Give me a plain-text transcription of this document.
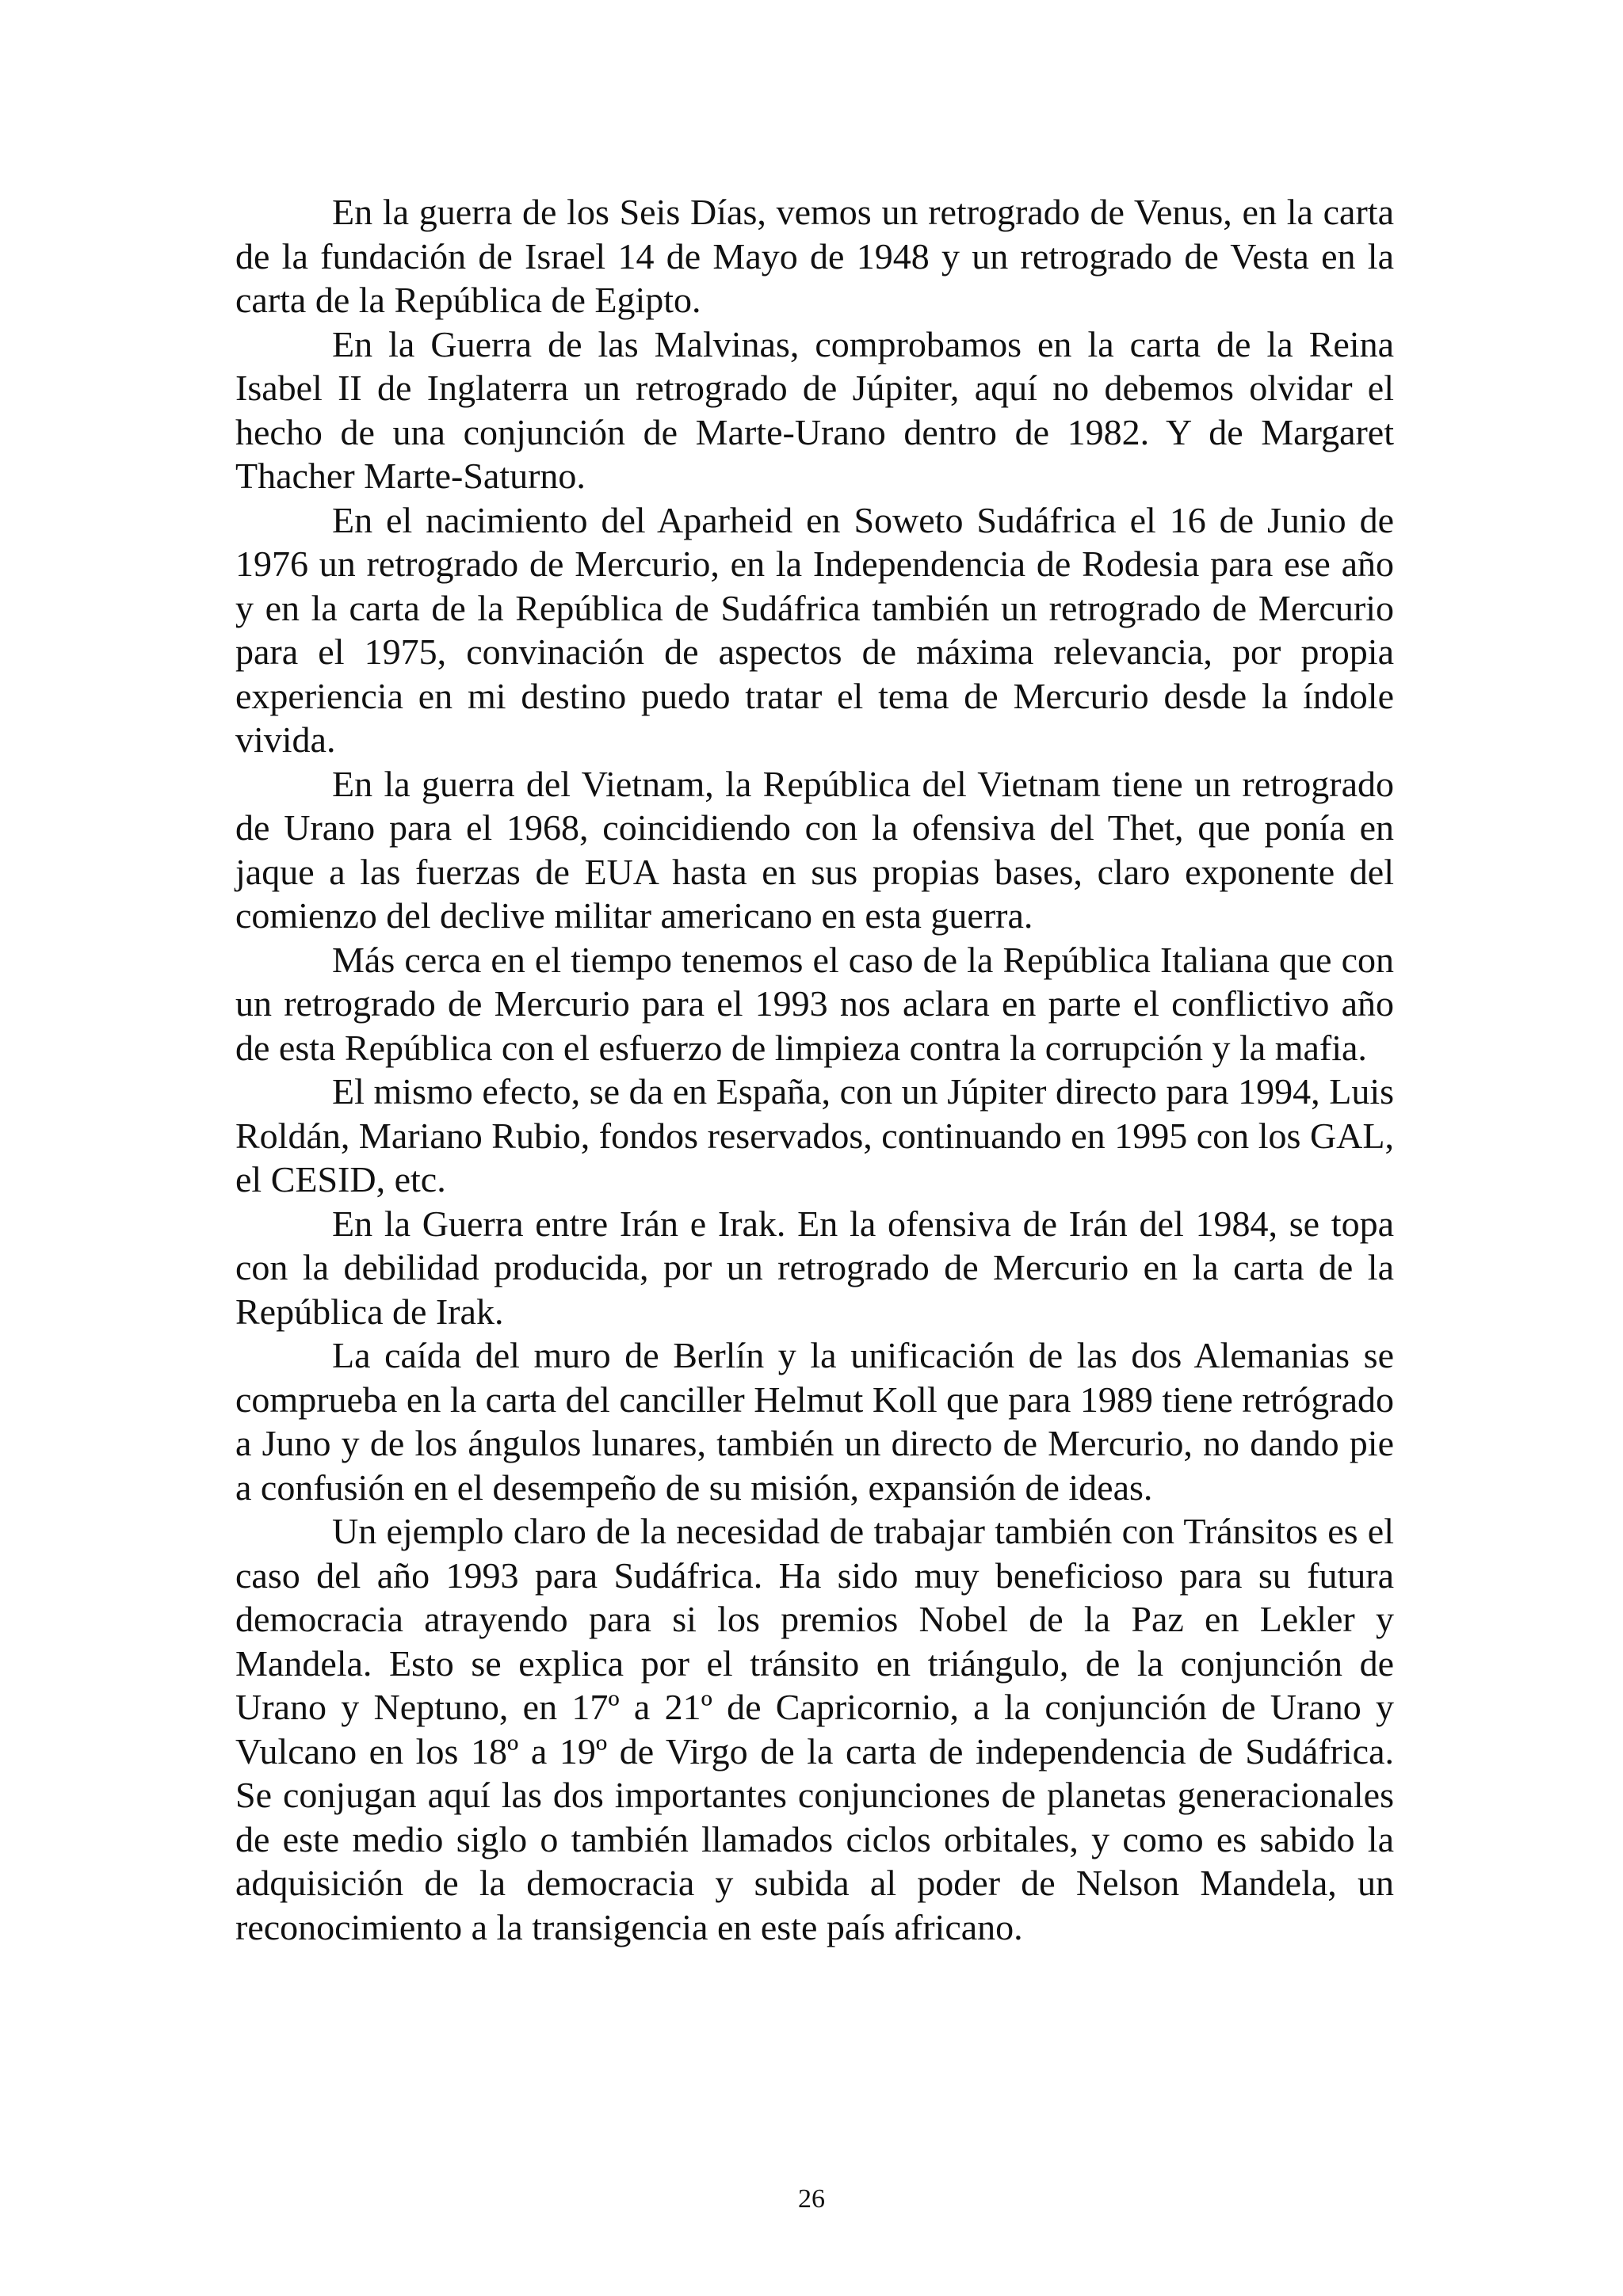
En la guerra de los Seis Días, vemos un retrogrado de Venus, en la carta de la fundación de Israel 14 de Mayo de 1948 y un retrogrado de Vesta en la carta de la República de Egipto.

En la Guerra de las Malvinas, comprobamos en la carta de la Reina Isabel II de Inglaterra un retrogrado de Júpiter, aquí no debemos olvidar el hecho de una conjunción de Marte-Urano dentro de 1982. Y de Margaret Thacher Marte-Saturno.

En el nacimiento del Aparheid en Soweto Sudáfrica el 16 de Junio de 1976 un retrogrado de Mercurio, en la Independencia de Rodesia para ese año y en la carta de la República de Sudáfrica también un retrogrado de Mercurio para el 1975, convinación de aspectos de máxima relevancia, por propia experiencia en mi destino puedo tratar el tema de Mercurio desde la índole vivida.

En la guerra del Vietnam, la República del Vietnam tiene un retrogrado de Urano para el 1968, coincidiendo con la ofensiva del Thet, que ponía en jaque a las fuerzas de EUA hasta en sus propias bases, claro exponente del comienzo del declive militar americano en esta guerra.

Más cerca en el tiempo tenemos el caso de la República Italiana que con un retrogrado de Mercurio para el 1993 nos aclara en parte el conflictivo año de esta República con el esfuerzo de limpieza contra la corrupción y la mafia.

El mismo efecto, se da en España, con un Júpiter directo para 1994, Luis Roldán, Mariano Rubio, fondos reservados, continuando en 1995 con los GAL, el CESID, etc.

En la Guerra entre Irán e Irak. En la ofensiva de Irán del 1984, se topa con la debilidad producida, por un retrogrado de Mercurio en la carta de la República de Irak.

La caída del muro de Berlín y la unificación de las dos Alemanias se comprueba en la carta del canciller Helmut Koll que para 1989 tiene retrógrado a Juno y de los ángulos lunares, también un directo de Mercurio, no dando pie a confusión en el desempeño de su misión, expansión de ideas.

Un ejemplo claro de la necesidad de trabajar también con Tránsitos es el caso del año 1993 para Sudáfrica. Ha sido muy beneficioso para su futura democracia atrayendo para si los premios Nobel de la Paz en Lekler y Mandela. Esto se explica por el tránsito en triángulo, de la conjunción de Urano y Neptuno, en 17º a 21º de Capricornio, a la conjunción de Urano y Vulcano en los 18º a 19º de Virgo de la carta de independencia de Sudáfrica. Se conjugan aquí las dos importantes conjunciones de planetas generacionales de este medio siglo o también llamados ciclos orbitales, y como es sabido la adquisición de la democracia y subida al poder de Nelson Mandela, un reconocimiento a la transigencia en este país africano.

26
